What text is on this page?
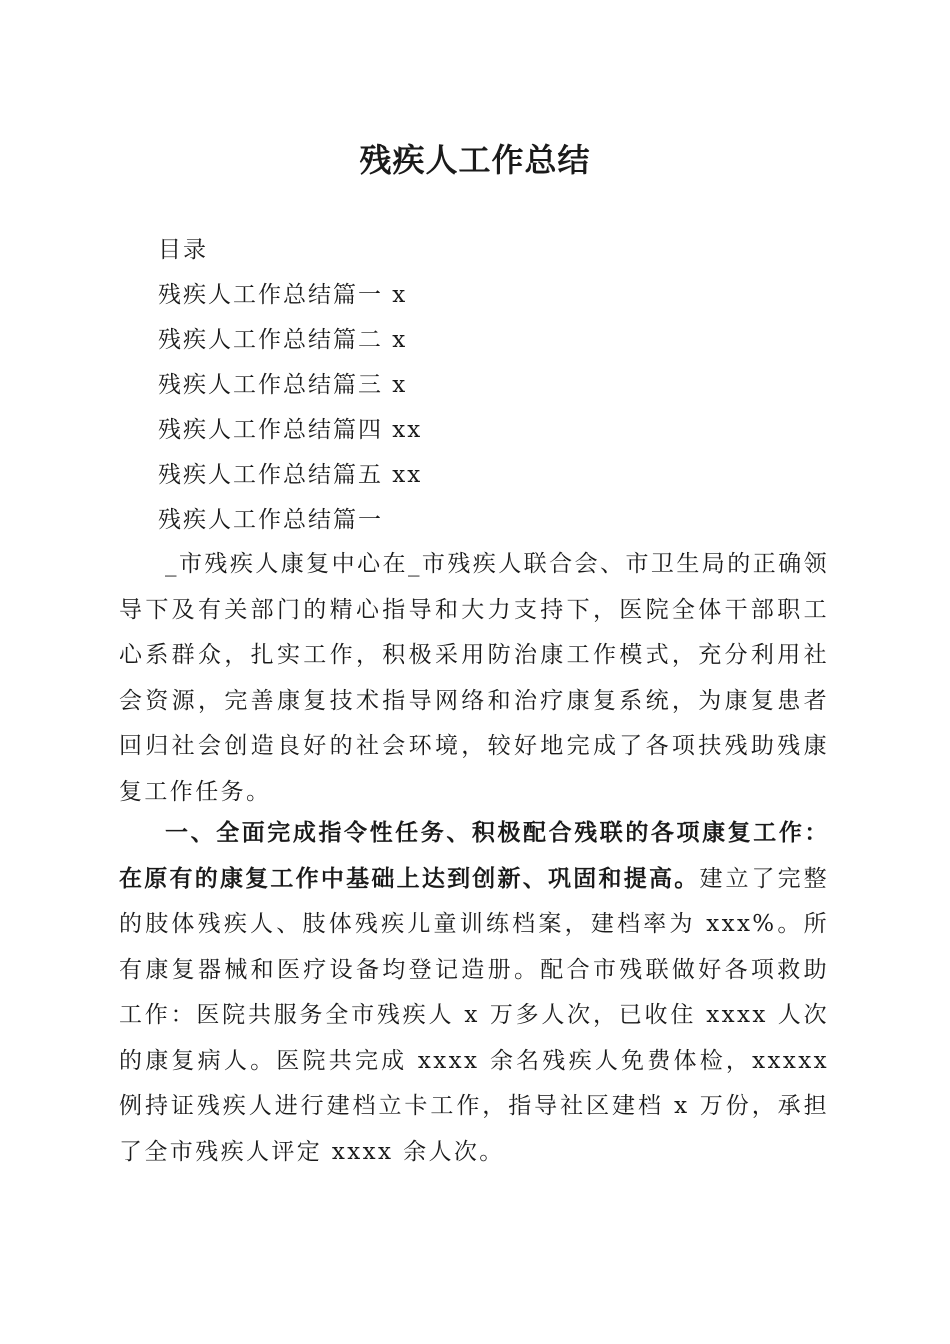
残疾人工作总结
目录
残疾人工作总结篇一 x
残疾人工作总结篇二 x
残疾人工作总结篇三 x
残疾人工作总结篇四 xx
残疾人工作总结篇五 xx
残疾人工作总结篇一

_市残疾人康复中心在_市残疾人联合会、市卫生局的正确领导下及有关部门的精心指导和大力支持下，医院全体干部职工心系群众，扎实工作，积极采用防治康工作模式，充分利用社会资源，完善康复技术指导网络和治疗康复系统，为康复患者回归社会创造良好的社会环境，较好地完成了各项扶残助残康复工作任务。

一、全面完成指令性任务、积极配合残联的各项康复工作：在原有的康复工作中基础上达到创新、巩固和提高。建立了完整的肢体残疾人、肢体残疾儿童训练档案，建档率为 xxx%。所有康复器械和医疗设备均登记造册。配合市残联做好各项救助工作：医院共服务全市残疾人 x 万多人次，已收住 xxxx 人次的康复病人。医院共完成 xxxx 余名残疾人免费体检，xxxxx 例持证残疾人进行建档立卡工作，指导社区建档 x 万份，承担了全市残疾人评定 xxxx 余人次。
